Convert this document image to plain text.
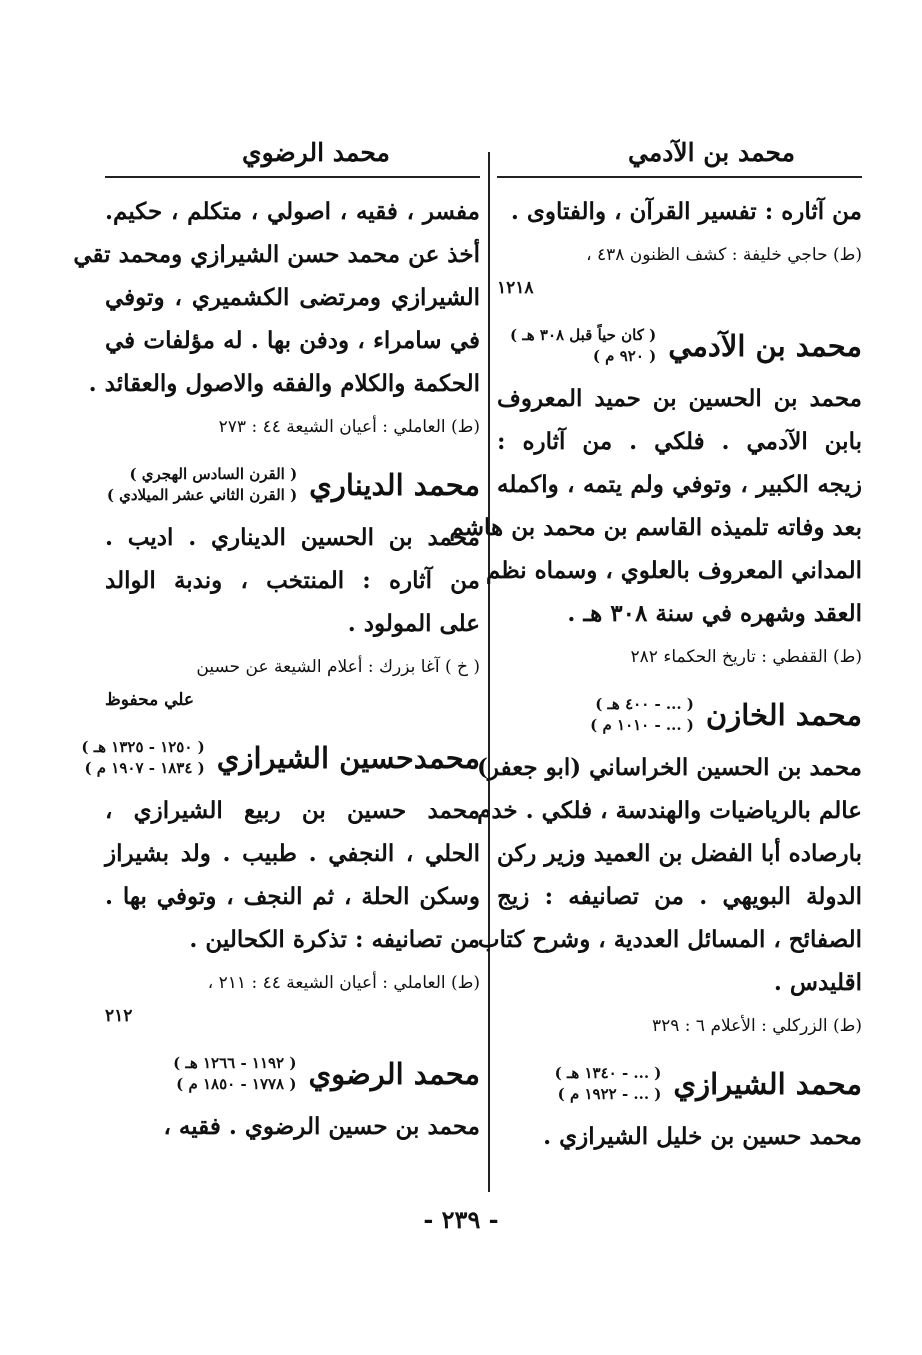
محمد بن الآدمي
محمد الرضوي
من آثاره : تفسير القرآن ، والفتاوى .
(ط) حاجي خليفة : كشف الظنون ٤٣٨ ،
١٢١٨
محمد بن الآدمي
( كان حياً قبل ٣٠٨ هـ )
( ٩٢٠ م )
محمد بن الحسين بن حميد المعروف
بابن الآدمي . فلكي . من آثاره :
زيجه الكبير ، وتوفي ولم يتمه ، واكمله
بعد وفاته تلميذه القاسم بن محمد بن هاشم
المداني المعروف بالعلوي ، وسماه نظم
العقد وشهره في سنة ٣٠٨ هـ .
(ط) القفطي : تاريخ الحكماء ٢٨٢
محمد الخازن
( ... - ٤٠٠ هـ )
( ... - ١٠١٠ م )
محمد بن الحسين الخراساني (ابو جعفر)
عالم بالرياضيات والهندسة ، فلكي . خدم
بارصاده أبا الفضل بن العميد وزير ركن
الدولة البويهي . من تصانيفه : زيج
الصفائح ، المسائل العددية ، وشرح كتاب
اقليدس .
(ط) الزركلي : الأعلام ٦ : ٣٢٩
محمد الشيرازي
( ... - ١٣٤٠ هـ )
( ... - ١٩٢٢ م )
محمد حسين بن خليل الشيرازي .
مفسر ، فقيه ، اصولي ، متكلم ، حكيم.
أخذ عن محمد حسن الشيرازي ومحمد تقي
الشيرازي ومرتضى الكشميري ، وتوفي
في سامراء ، ودفن بها . له مؤلفات في
الحكمة والكلام والفقه والاصول والعقائد .
(ط) العاملي : أعيان الشيعة ٤٤ : ٢٧٣
محمد الديناري
( القرن السادس الهجري )
( القرن الثاني عشر الميلادي )
محمد بن الحسين الديناري . اديب .
من آثاره : المنتخب ، وندبة الوالد
على المولود .
( خ ) آغا بزرك : أعلام الشيعة عن حسين
علي محفوظ
محمدحسين الشيرازي
( ١٢٥٠ - ١٣٢٥ هـ )
( ١٨٣٤ - ١٩٠٧ م )
محمد حسين بن ربيع الشيرازي ،
الحلي ، النجفي . طبيب . ولد بشيراز
وسكن الحلة ، ثم النجف ، وتوفي بها .
من تصانيفه : تذكرة الكحالين .
(ط) العاملي : أعيان الشيعة ٤٤ : ٢١١ ،
٢١٢
محمد الرضوي
( ١١٩٢ - ١٢٦٦ هـ )
( ١٧٧٨ - ١٨٥٠ م )
محمد بن حسين الرضوي . فقيه ،
- ٢٣٩ -
